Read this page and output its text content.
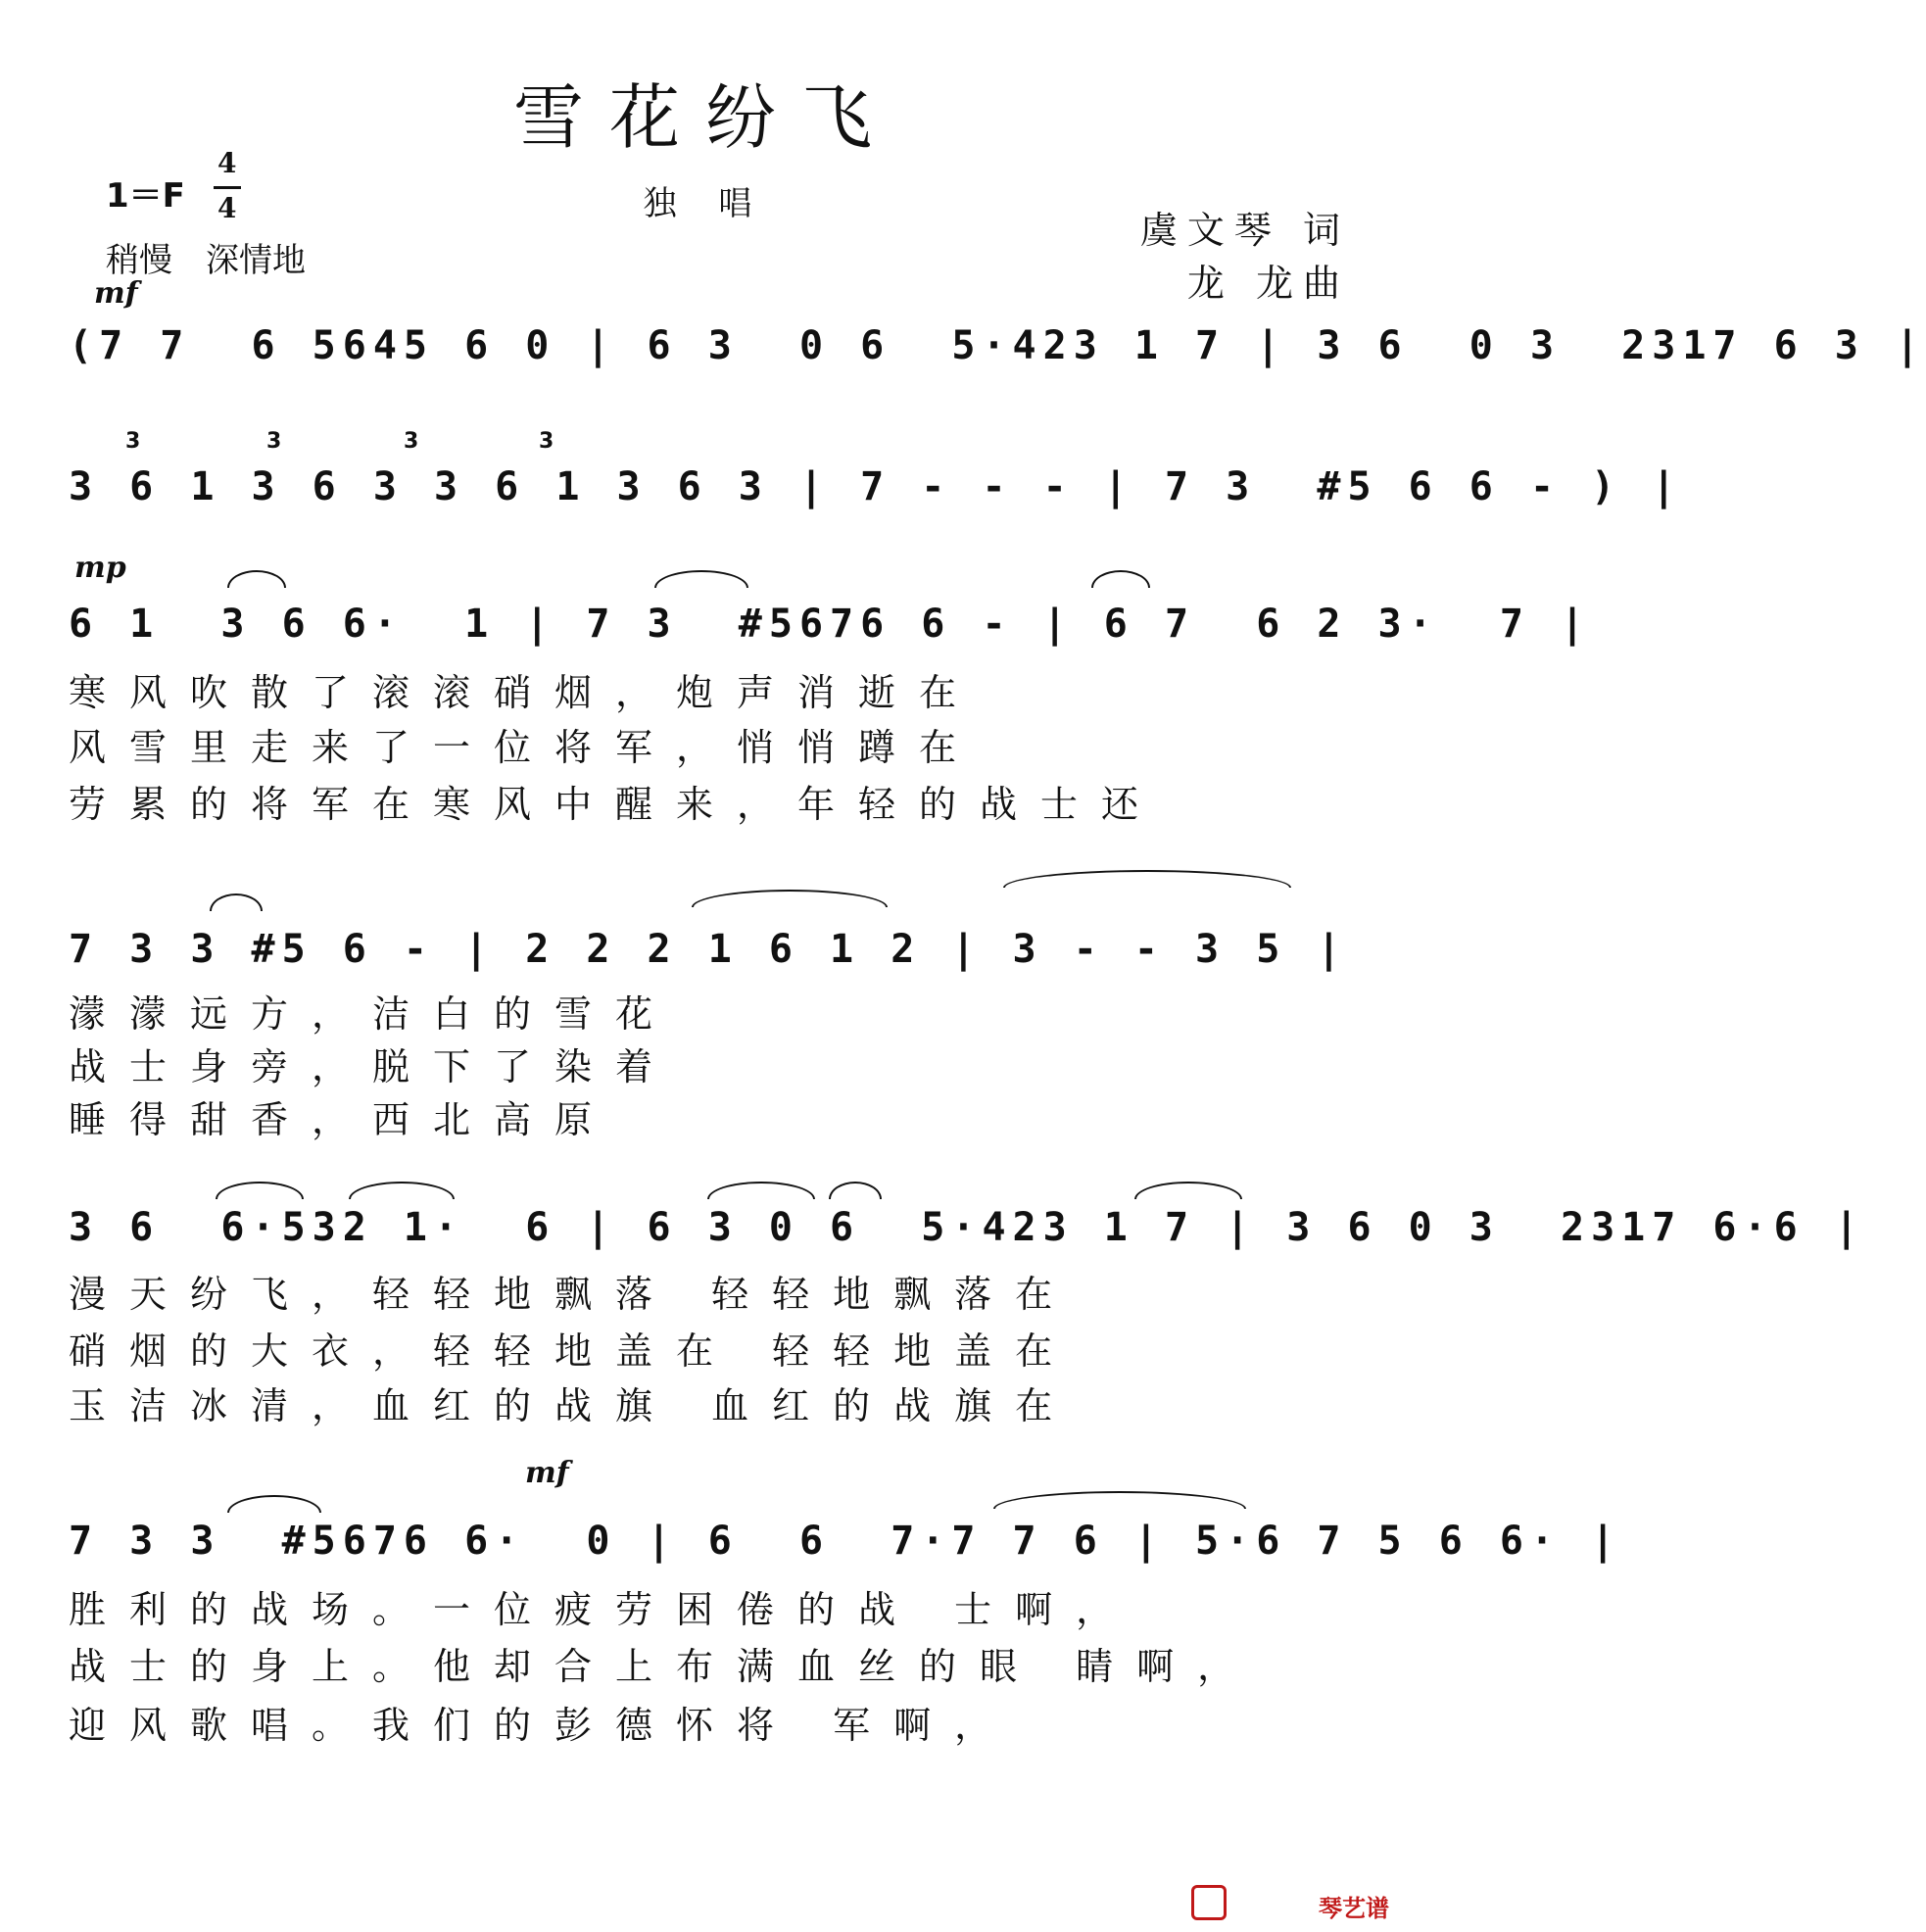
雪花纷飞
1＝F
4
4	独 唱
稍慢　深情地
虞文琴 词
龙 龙曲
mf
(7 7  6 5645 6 0 | 6 3  0 6  5·423 1 7 | 3 6  0 3  2317 6 3 |
3	3	3	3
3 6 1 3 6 3 3 6 1 3 6 3 | 7 - - - | 7 3  #5 6 6 - ) |
mp
6 1  3 6 6·  1 | 7 3  #5676 6 - | 6 7  6 2 3·  7 |
寒风吹散了滚滚硝烟，炮声消逝在
风雪里走来了一位将军，悄悄蹲在
劳累的将军在寒风中醒来，年轻的战士还
7 3 3 #5 6 - | 2 2 2 1 6 1 2 | 3 - - 3 5 |
濛濛远方，洁白的雪花
战士身旁，脱下了染着
睡得甜香，西北高原
3 6  6·532 1·  6 | 6 3 0 6  5·423 1 7 | 3 6 0 3  2317 6·6 |
漫天纷飞，轻轻地飘落 轻轻地飘落在
硝烟的大衣，轻轻地盖在 轻轻地盖在
玉洁冰清，血红的战旗 血红的战旗在
mf
7 3 3  #5676 6·  0 | 6  6  7·7 7 6 | 5·6 7 5 6 6· |
胜利的战场。一位疲劳困倦的战 士啊，
战士的身上。他却合上布满血丝的眼 睛啊，
迎风歌唱。我们的彭德怀将 军啊，
琴艺谱
